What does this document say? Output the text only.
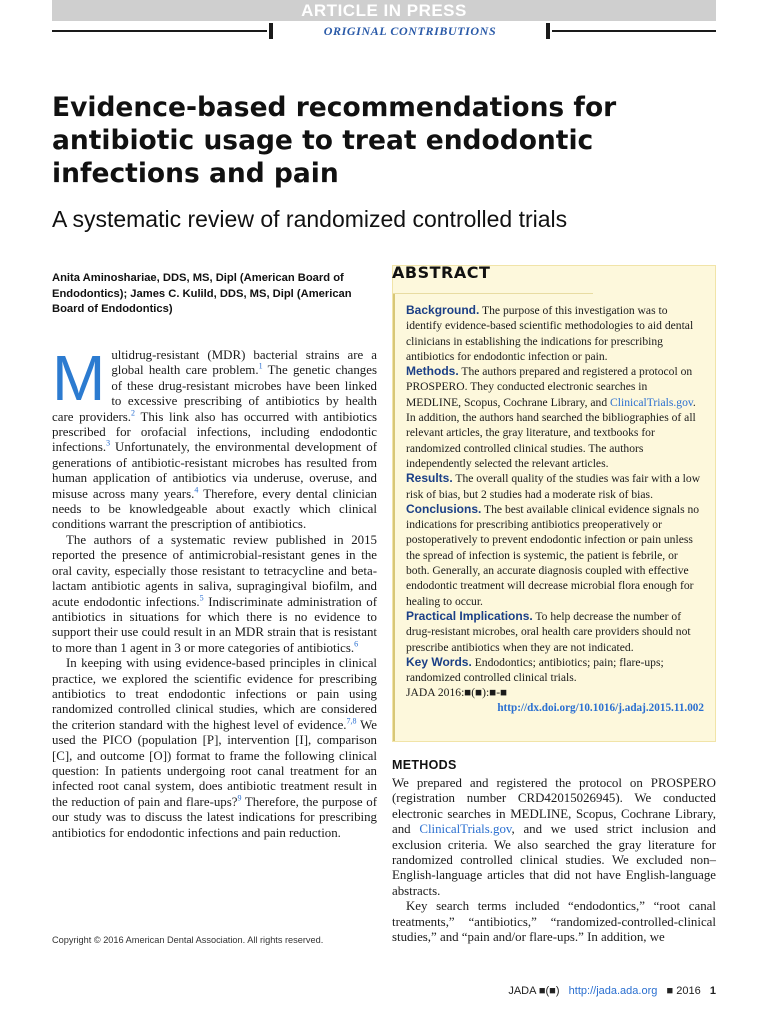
ARTICLE IN PRESS
ORIGINAL CONTRIBUTIONS
Evidence-based recommendations for antibiotic usage to treat endodontic infections and pain
A systematic review of randomized controlled trials

Anita Aminoshariae, DDS, MS, Dipl (American Board of Endodontics); James C. Kulild, DDS, MS, Dipl (American Board of Endodontics)

Multidrug-resistant (MDR) bacterial strains are a global health care problem.$^1$ The genetic changes of these drug-resistant microbes have been linked to excessive prescribing of antibiotics by health care providers.$^2$ This link also has occurred with antibiotics prescribed for orofacial infections, including endodontic infections.$^3$ Unfortunately, the environmental development of generations of antibiotic-resistant microbes has resulted from human application of antibiotics via underuse, overuse, and misuse across many years.$^4$ Therefore, every dental clinician needs to be knowledgeable about exactly which clinical conditions warrant the prescription of antibiotics.

The authors of a systematic review published in 2015 reported the presence of antimicrobial-resistant genes in the oral cavity, especially those resistant to tetracycline and beta-lactam antibiotic agents in saliva, supragingival biofilm, and acute endodontic infections.$^5$ Indiscriminate administration of antibiotics in situations for which there is no evidence to support their use could result in an MDR strain that is resistant to more than 1 agent in 3 or more categories of antibiotics.$^6$

In keeping with using evidence-based principles in clinical practice, we explored the scientific evidence for prescribing antibiotics to treat endodontic infections or pain using randomized controlled clinical studies, which are considered the criterion standard with the highest level of evidence.$^{7,8}$ We used the PICO (population [P], intervention [I], comparison [C], and outcome [O]) format to frame the following clinical question: In patients undergoing root canal treatment for an infected root canal system, does antibiotic treatment result in the reduction of pain and flare-ups?$^9$ Therefore, the purpose of our study was to discuss the latest indications for prescribing antibiotics for endodontic infections and pain reduction.

Copyright © 2016 American Dental Association. All rights reserved.
ABSTRACT

Background. The purpose of this investigation was to identify evidence-based scientific methodologies to aid dental clinicians in establishing the indications for prescribing antibiotics for endodontic infection or pain.

Methods. The authors prepared and registered a protocol on PROSPERO. They conducted electronic searches in MEDLINE, Scopus, Cochrane Library, and ClinicalTrials.gov. In addition, the authors hand searched the bibliographies of all relevant articles, the gray literature, and textbooks for randomized controlled clinical studies. The authors independently selected the relevant articles.

Results. The overall quality of the studies was fair with a low risk of bias, but 2 studies had a moderate risk of bias.

Conclusions. The best available clinical evidence signals no indications for prescribing antibiotics preoperatively or postoperatively to prevent endodontic infection or pain unless the spread of infection is systemic, the patient is febrile, or both. Generally, an accurate diagnosis coupled with effective endodontic treatment will decrease microbial flora enough for healing to occur.

Practical Implications. To help decrease the number of drug-resistant microbes, oral health care providers should not prescribe antibiotics when they are not indicated.

Key Words. Endodontics; antibiotics; pain; flare-ups; randomized controlled clinical trials.

JADA 2016:■(■):■-■

http://dx.doi.org/10.1016/j.adaj.2015.11.002
METHODS

We prepared and registered the protocol on PROSPERO (registration number CRD42015026945). We conducted electronic searches in MEDLINE, Scopus, Cochrane Library, and ClinicalTrials.gov, and we used strict inclusion and exclusion criteria. We also searched the gray literature for randomized controlled clinical studies. We excluded non–English-language articles that did not have English-language abstracts.

Key search terms included “endodontics,” “root canal treatments,” “antibiotics,” “randomized-controlled-clinical studies,” and “pain and/or flare-ups.” In addition, we

JADA ■(■) http://jada.ada.org ■ 2016 1
